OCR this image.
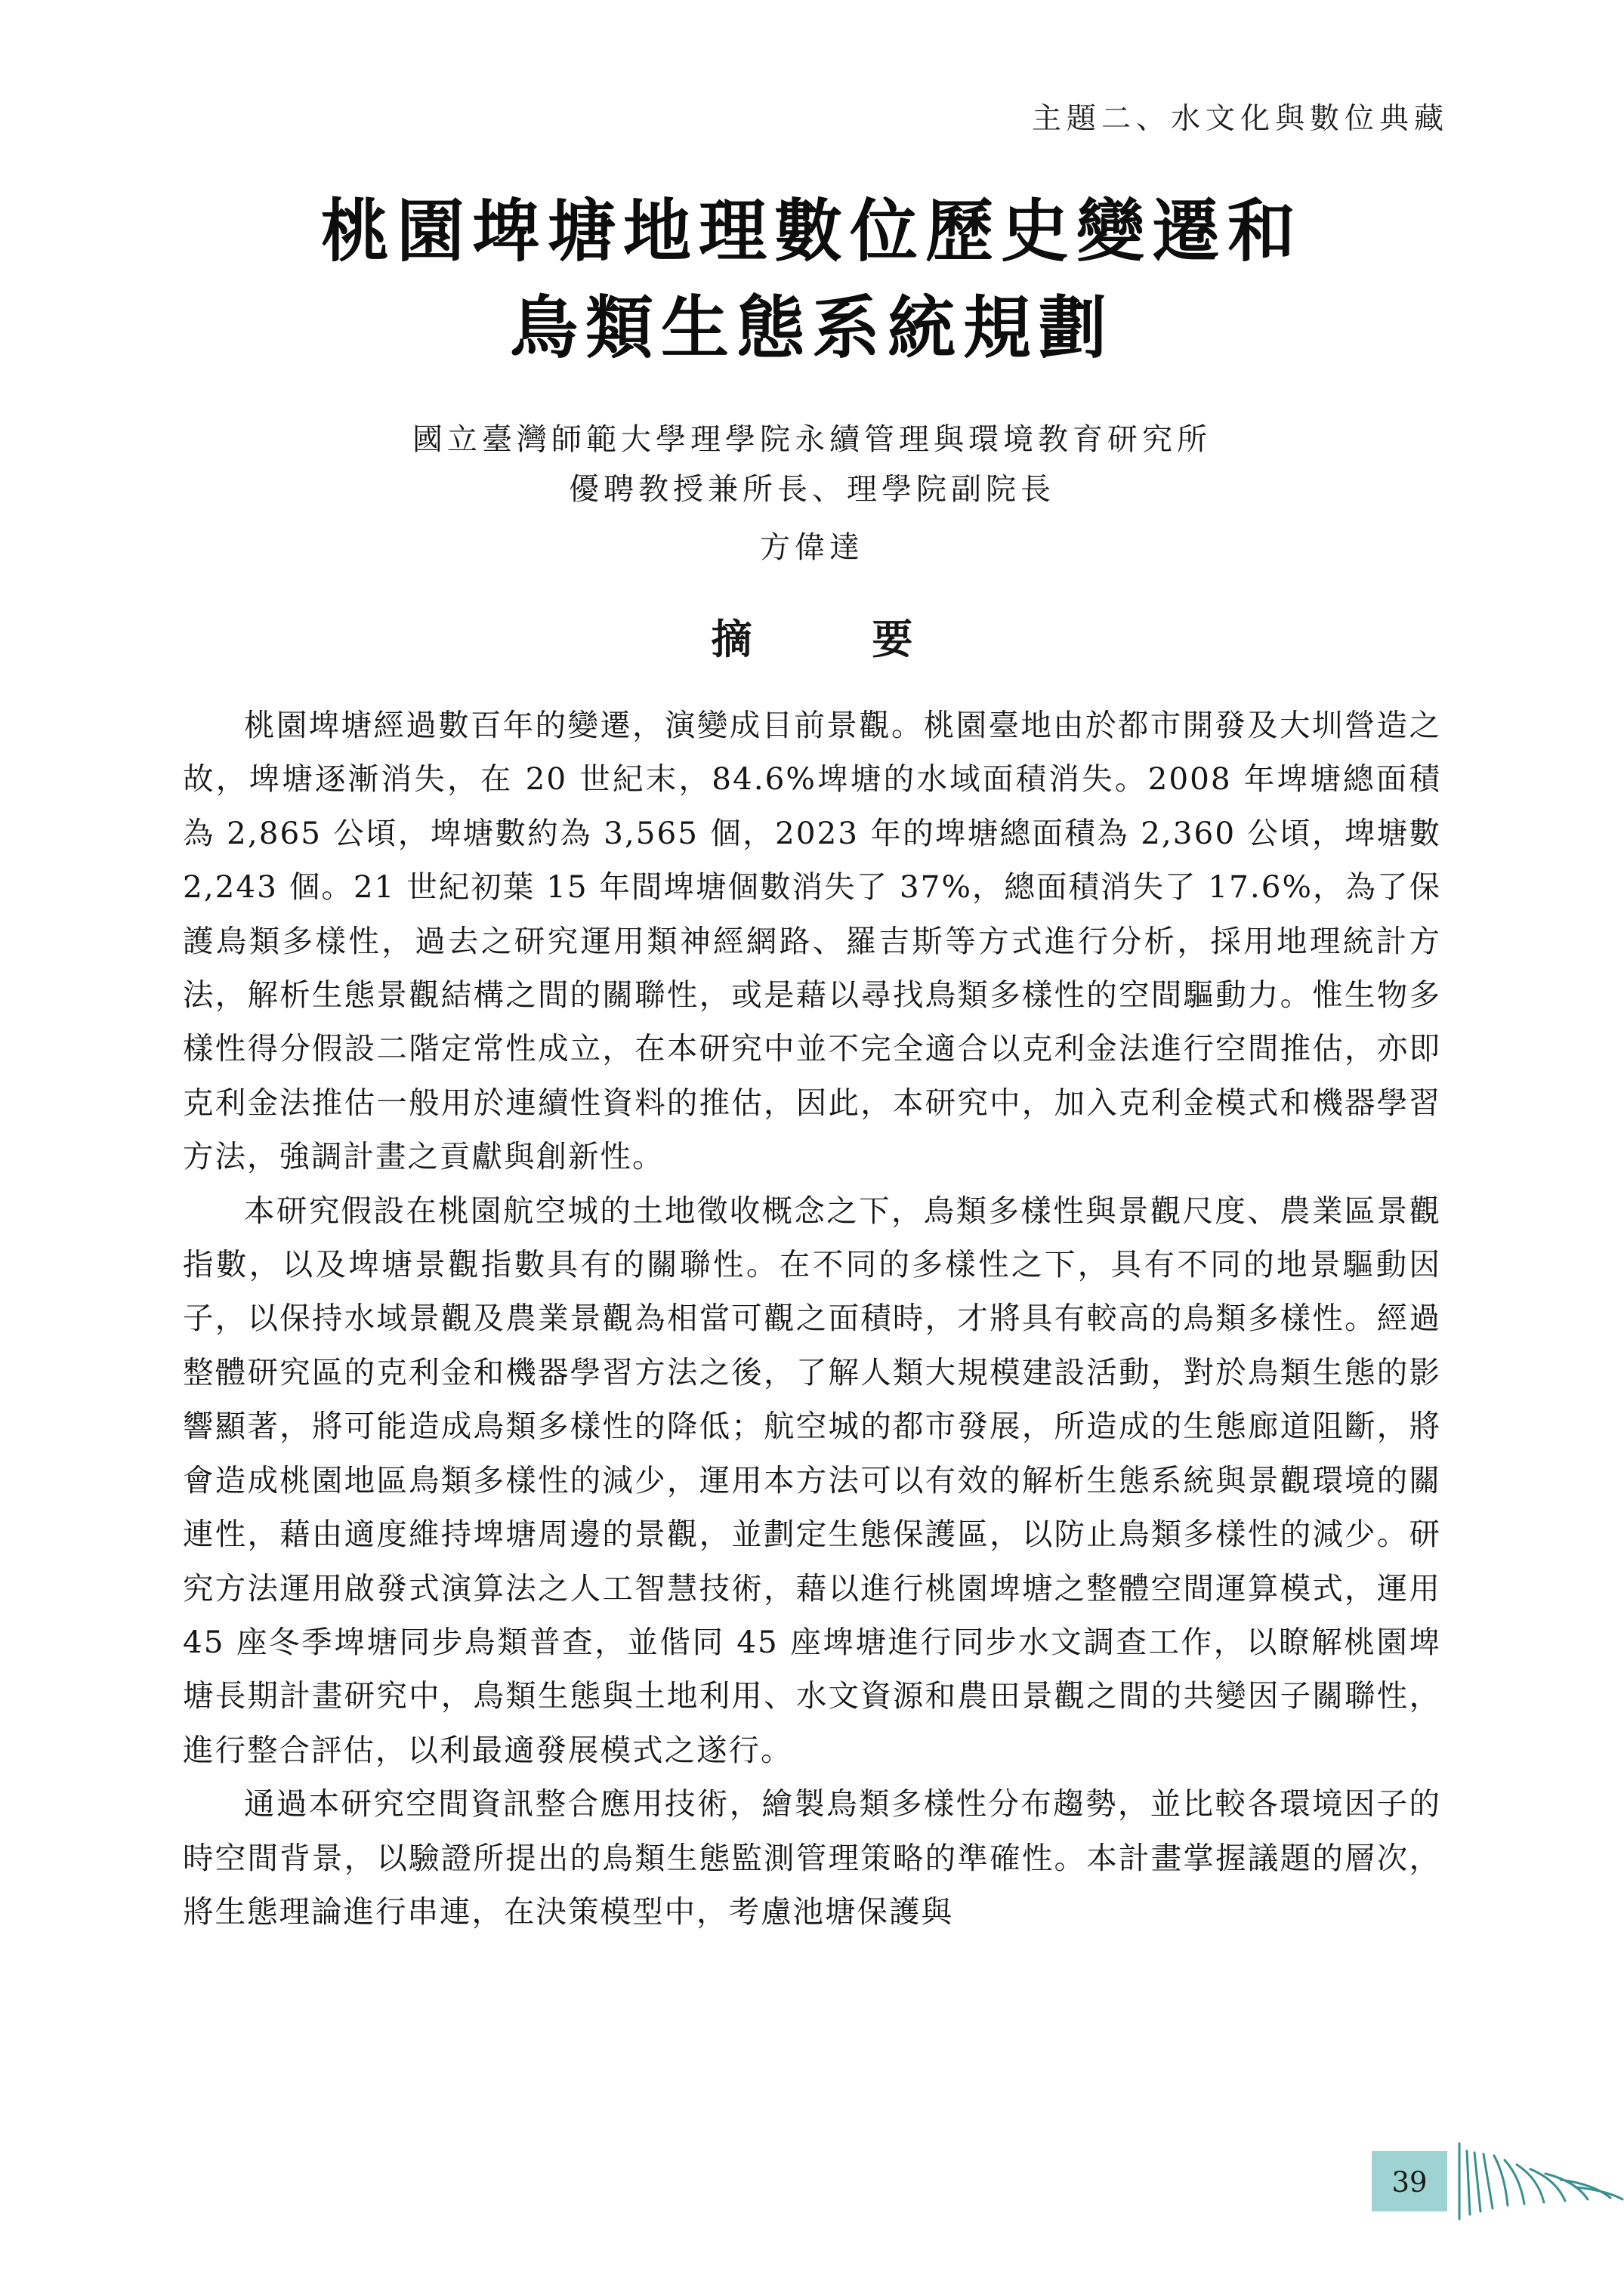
主題二、水文化與數位典藏
桃園埤塘地理數位歷史變遷和
鳥類生態系統規劃
國立臺灣師範大學理學院永續管理與環境教育研究所
優聘教授兼所長、理學院副院長
方偉達
摘 要

桃園埤塘經過數百年的變遷，演變成目前景觀。桃園臺地由於都市開發及大圳營造之故，埤塘逐漸消失，在 20 世紀末，84.6%埤塘的水域面積消失。2008 年埤塘總面積為 2,865 公頃，埤塘數約為 3,565 個，2023 年的埤塘總面積為 2,360 公頃，埤塘數 2,243 個。21 世紀初葉 15 年間埤塘個數消失了 37%，總面積消失了 17.6%，為了保護鳥類多樣性，過去之研究運用類神經網路、羅吉斯等方式進行分析，採用地理統計方法，解析生態景觀結構之間的關聯性，或是藉以尋找鳥類多樣性的空間驅動力。惟生物多樣性得分假設二階定常性成立，在本研究中並不完全適合以克利金法進行空間推估，亦即克利金法推估一般用於連續性資料的推估，因此，本研究中，加入克利金模式和機器學習方法，強調計畫之貢獻與創新性。

本研究假設在桃園航空城的土地徵收概念之下，鳥類多樣性與景觀尺度、農業區景觀指數，以及埤塘景觀指數具有的關聯性。在不同的多樣性之下，具有不同的地景驅動因子，以保持水域景觀及農業景觀為相當可觀之面積時，才將具有較高的鳥類多樣性。經過整體研究區的克利金和機器學習方法之後，了解人類大規模建設活動，對於鳥類生態的影響顯著，將可能造成鳥類多樣性的降低；航空城的都市發展，所造成的生態廊道阻斷，將會造成桃園地區鳥類多樣性的減少，運用本方法可以有效的解析生態系統與景觀環境的關連性，藉由適度維持埤塘周邊的景觀，並劃定生態保護區，以防止鳥類多樣性的減少。研究方法運用啟發式演算法之人工智慧技術，藉以進行桃園埤塘之整體空間運算模式，運用 45 座冬季埤塘同步鳥類普查，並偕同 45 座埤塘進行同步水文調查工作，以瞭解桃園埤塘長期計畫研究中，鳥類生態與土地利用、水文資源和農田景觀之間的共變因子關聯性，進行整合評估，以利最適發展模式之遂行。

通過本研究空間資訊整合應用技術，繪製鳥類多樣性分布趨勢，並比較各環境因子的時空間背景，以驗證所提出的鳥類生態監測管理策略的準確性。本計畫掌握議題的層次，將生態理論進行串連，在決策模型中，考慮池塘保護與

39
